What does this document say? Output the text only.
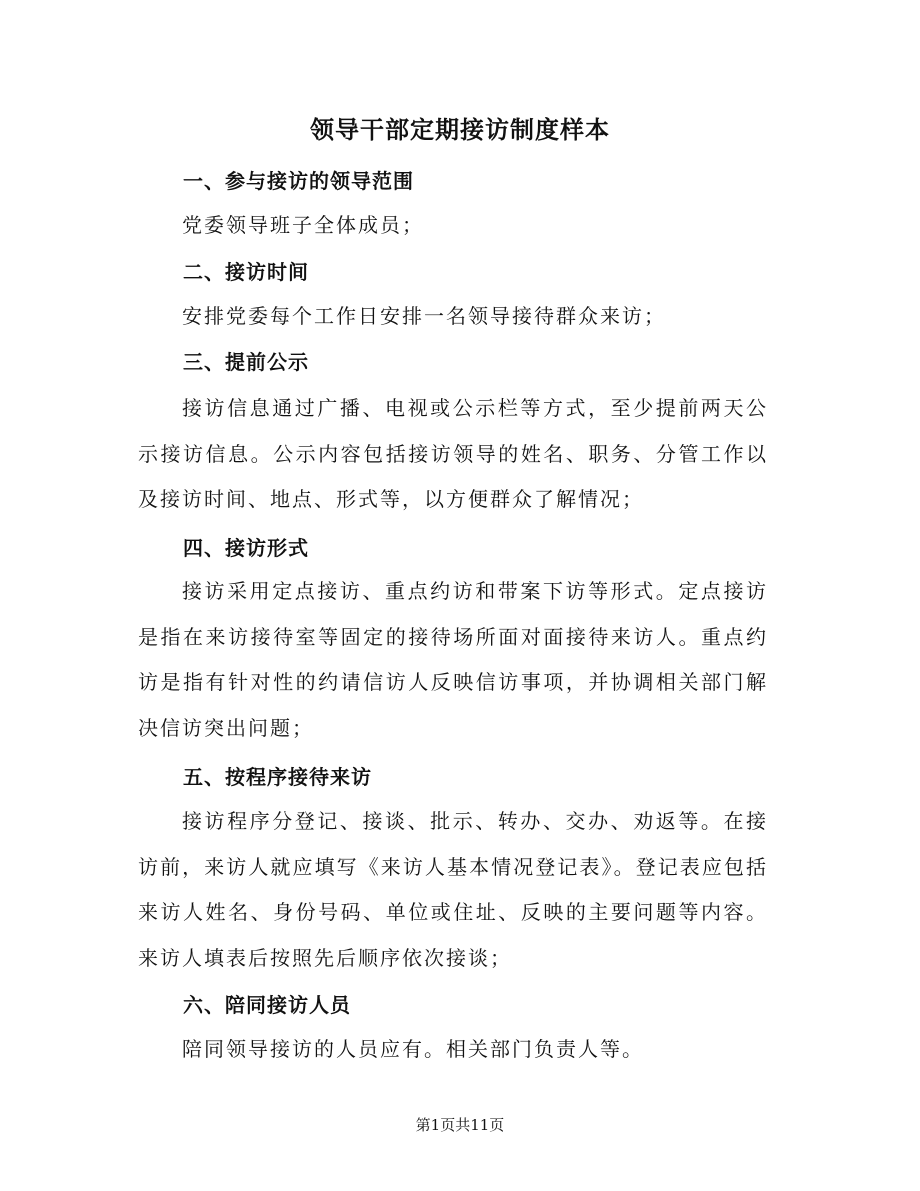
领导干部定期接访制度样本
一、参与接访的领导范围

党委领导班子全体成员；

二、接访时间

安排党委每个工作日安排一名领导接待群众来访；

三、提前公示

接访信息通过广播、电视或公示栏等方式，至少提前两天公示接访信息。公示内容包括接访领导的姓名、职务、分管工作以及接访时间、地点、形式等，以方便群众了解情况；

四、接访形式

接访采用定点接访、重点约访和带案下访等形式。定点接访是指在来访接待室等固定的接待场所面对面接待来访人。重点约访是指有针对性的约请信访人反映信访事项，并协调相关部门解决信访突出问题；

五、按程序接待来访

接访程序分登记、接谈、批示、转办、交办、劝返等。在接访前，来访人就应填写《来访人基本情况登记表》。登记表应包括来访人姓名、身份号码、单位或住址、反映的主要问题等内容。来访人填表后按照先后顺序依次接谈；

六、陪同接访人员

陪同领导接访的人员应有。相关部门负责人等。

第1页共11页
